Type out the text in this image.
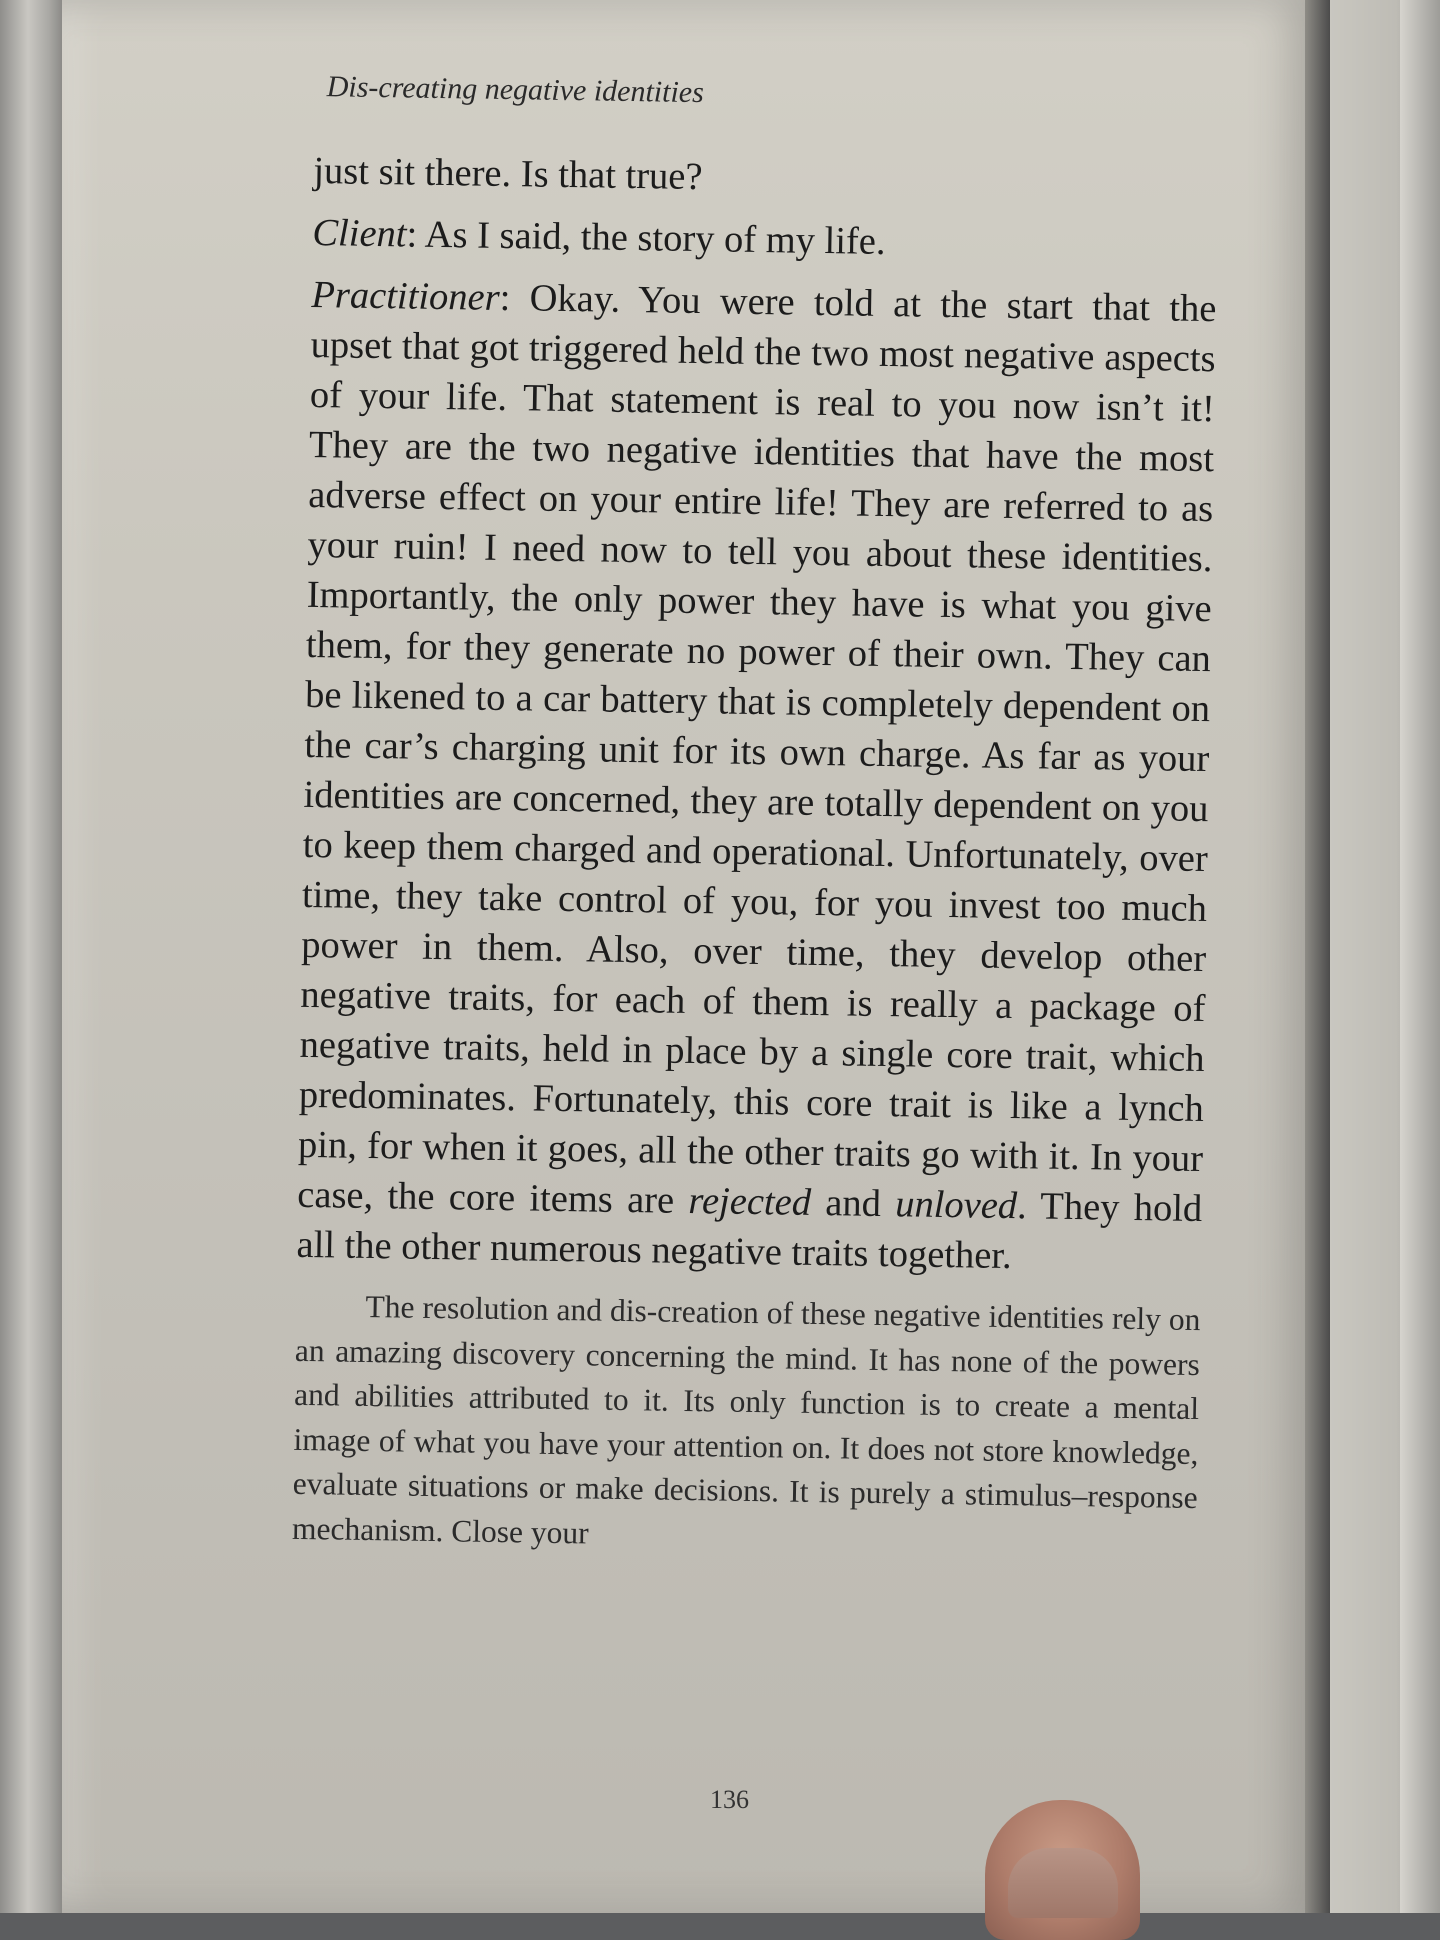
Dis-creating negative identities

just sit there. Is that true?

Client: As I said, the story of my life.

Practitioner: Okay. You were told at the start that the upset that got triggered held the two most negative aspects of your life. That statement is real to you now isn’t it! They are the two negative identities that have the most adverse effect on your entire life! They are referred to as your ruin! I need now to tell you about these identities. Importantly, the only power they have is what you give them, for they generate no power of their own. They can be likened to a car battery that is completely dependent on the car’s charging unit for its own charge. As far as your identities are concerned, they are totally dependent on you to keep them charged and operational. Unfortunately, over time, they take control of you, for you invest too much power in them. Also, over time, they develop other negative traits, for each of them is really a package of negative traits, held in place by a single core trait, which predominates. Fortunately, this core trait is like a lynch pin, for when it goes, all the other traits go with it. In your case, the core items are rejected and unloved. They hold all the other numerous negative traits together.

The resolution and dis-creation of these negative identities rely on an amazing discovery concerning the mind. It has none of the powers and abilities attributed to it. Its only function is to create a mental image of what you have your attention on. It does not store knowledge, evaluate situations or make decisions. It is purely a stimulus–response mechanism. Close your

136
